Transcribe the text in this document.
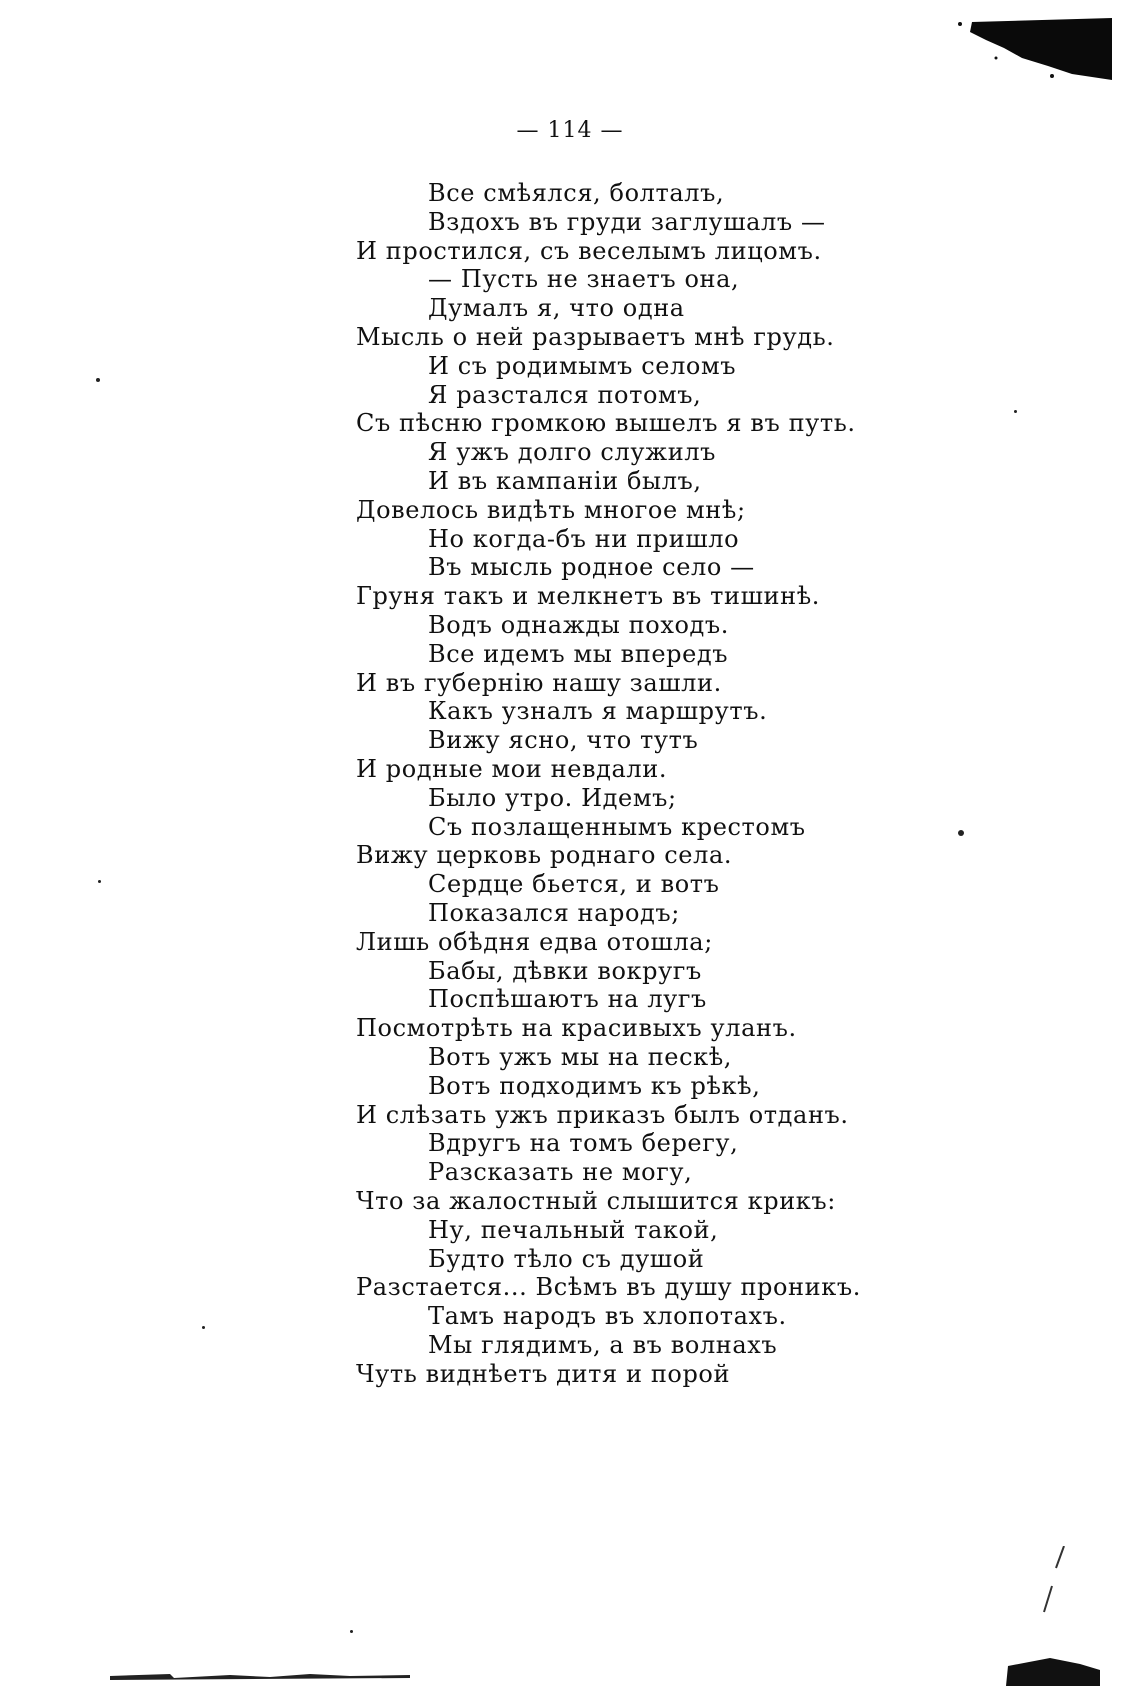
— 114 —
Все смѣялся, болталъ,
Вздохъ въ груди заглушалъ —
И простился, съ веселымъ лицомъ.
— Пусть не знаетъ она,
Думалъ я, что одна
Мысль о ней разрываетъ мнѣ грудь.
И съ родимымъ селомъ
Я разстался потомъ,
Съ пѣсню громкою вышелъ я въ путь.
Я ужъ долго служилъ
И въ кампаніи былъ,
Довелось видѣть многое мнѣ;
Но когда-бъ ни пришло
Въ мысль родное село —
Груня такъ и мелкнетъ въ тишинѣ.
Водъ однажды походъ.
Все идемъ мы впередъ
И въ губернію нашу зашли.
Какъ узналъ я маршрутъ.
Вижу ясно, что тутъ
И родные мои невдали.
Было утро. Идемъ;
Съ позлащеннымъ крестомъ
Вижу церковь роднаго села.
Сердце бьется, и вотъ
Показался народъ;
Лишь обѣдня едва отошла;
Бабы, дѣвки вокругъ
Поспѣшаютъ на лугъ
Посмотрѣть на красивыхъ уланъ.
Вотъ ужъ мы на пескѣ,
Вотъ подходимъ къ рѣкѣ,
И слѣзать ужъ приказъ былъ отданъ.
Вдругъ на томъ берегу,
Разсказать не могу,
Что за жалостный слышится крикъ:
Ну, печальный такой,
Будто тѣло съ душой
Разстается... Всѣмъ въ душу проникъ.
Тамъ народъ въ хлопотахъ.
Мы глядимъ, а въ волнахъ
Чуть виднѣетъ дитя и порой
